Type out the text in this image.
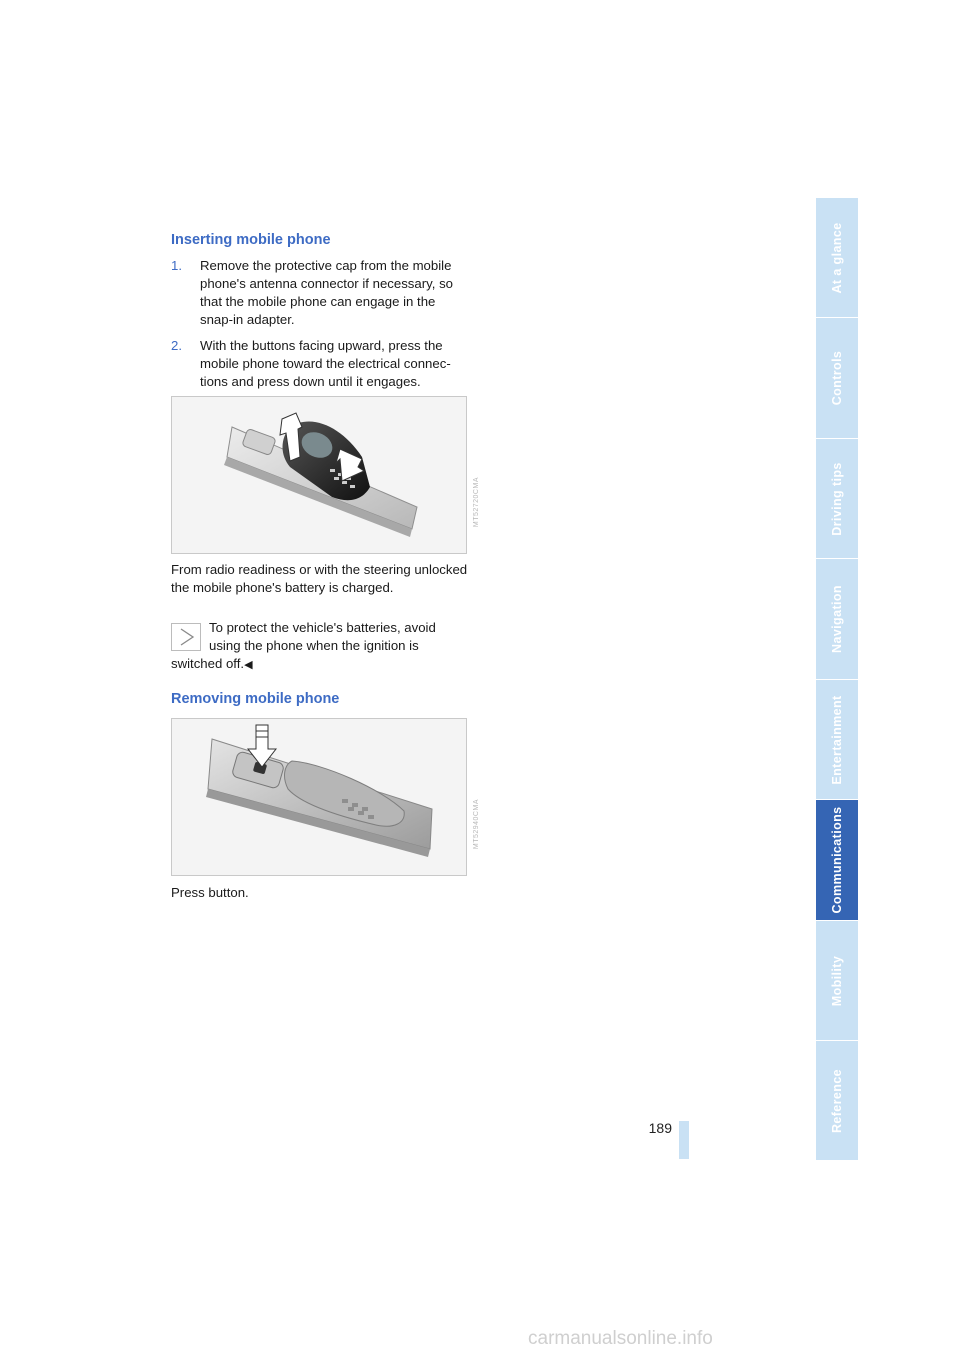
Inserting mobile phone
1. Remove the protective cap from the mobile phone's antenna connector if necessary, so that the mobile phone can engage in the snap-in adapter.
2. With the buttons facing upward, press the mobile phone toward the electrical connec-tions and press down until it engages.
MT52720CMA

From radio readiness or with the steering unlocked the mobile phone's battery is charged.

To protect the vehicle's batteries, avoid
using the phone when the ignition is
switched off.◀
Removing mobile phone
MT52940CMA

Press button.

189
At a glance
Controls
Driving tips
Navigation
Entertainment
Communications
Mobility
Reference
carmanualsonline.info
